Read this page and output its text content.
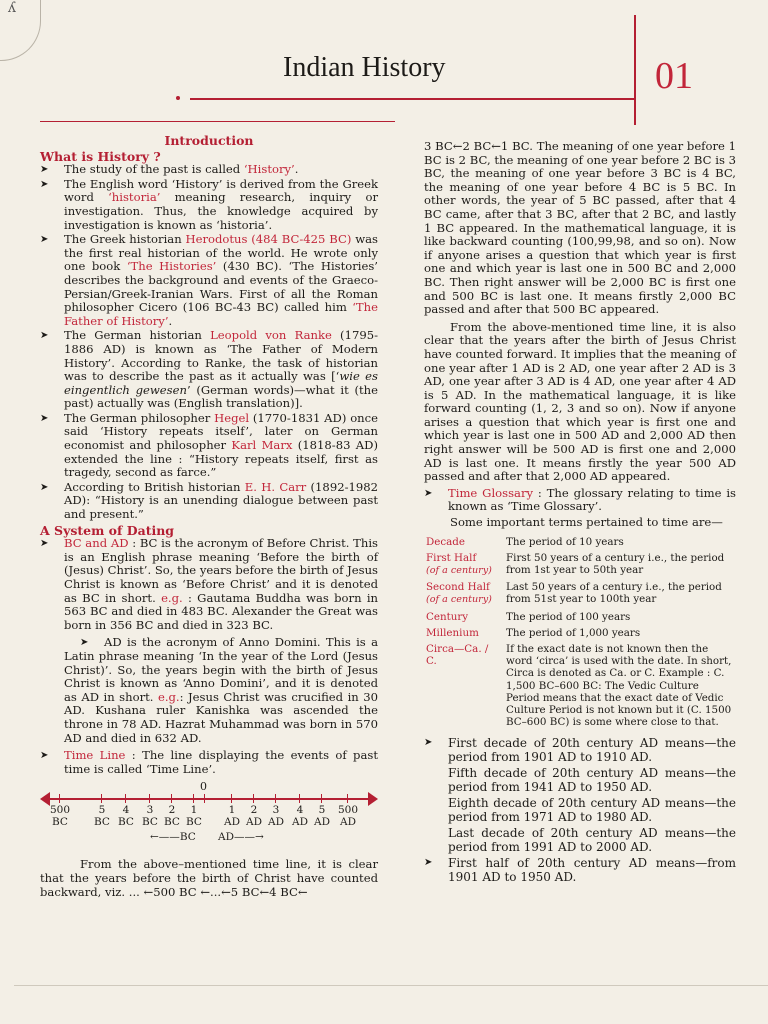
ʎ
Indian History	01
Introduction
What is History ?

➤ The study of the past is called ‘History’.

➤ The English word ‘History’ is derived from the Greek word ‘historia’ meaning research, inquiry or investigation. Thus, the knowledge acquired by investigation is known as ‘historia’.

➤ The Greek historian Herodotus (484 BC-425 BC) was the first real historian of the world. He wrote only one book ‘The Histories’ (430 BC). ‘The Histories’ describes the background and events of the Graeco-Persian/Greek-Iranian Wars. First of all the Roman philosopher Cicero (106 BC-43 BC) called him ‘The Father of History’.

➤ The German historian Leopold von Ranke (1795-1886 AD) is known as ‘The Father of Modern History’. According to Ranke, the task of historian was to describe the past as it actually was [‘wie es eingentlich gewesen’ (German words)—what it (the past) actually was (English translation)].

➤ The German philosopher Hegel (1770-1831 AD) once said ‘History repeats itself’, later on German economist and philosopher Karl Marx (1818-83 AD) extended the line : “History repeats itself, first as tragedy, second as farce.”

➤ According to British historian E. H. Carr (1892-1982 AD): “History is an unending dialogue between past and present.”

A System of Dating

➤ BC and AD : BC is the acronym of Before Christ. This is an English phrase meaning ‘Before the birth of (Jesus) Christ’. So, the years before the birth of Jesus Christ is known as ‘Before Christ’ and it is denoted as BC in short. e.g. : Gautama Buddha was born in 563 BC and died in 483 BC. Alexander the Great was born in 356 BC and died in 323 BC.

➤ AD is the acronym of Anno Domini. This is a Latin phrase meaning ‘In the year of the Lord (Jesus Christ)’. So, the years begin with the birth of Jesus Christ is known as ‘Anno Domini’, and it is denoted as AD in short. e.g.: Jesus Christ was crucified in 30 AD. Kushana ruler Kanishka was ascended the throne in 78 AD. Hazrat Muhammad was born in 570 AD and died in 632 AD.

➤ Time Line : The line displaying the events of past time is called ‘Time Line’.

0
500
BC
5
BC
4
BC
3
BC
2
BC
1
BC
1
AD
2
AD
3
AD
4
AD
5
AD
500
AD
←——BC AD——→

From the above–mentioned time line, it is clear that the years before the birth of Christ have counted backward, viz. ... ←500 BC ←...←5 BC←4 BC←

3 BC←2 BC←1 BC. The meaning of one year before 1 BC is 2 BC, the meaning of one year before 2 BC is 3 BC, the meaning of one year before 3 BC is 4 BC, the meaning of one year before 4 BC is 5 BC. In other words, the year of 5 BC passed, after that 4 BC came, after that 3 BC, after that 2 BC, and lastly 1 BC appeared. In the mathematical language, it is like backward counting (100,99,98, and so on). Now if anyone arises a question that which year is first one and which year is last one in 500 BC and 2,000 BC. Then right answer will be 2,000 BC is first one and 500 BC is last one. It means firstly 2,000 BC passed and after that 500 BC appeared.

From the above-mentioned time line, it is also clear that the years after the birth of Jesus Christ have counted forward. It implies that the meaning of one year after 1 AD is 2 AD, one year after 2 AD is 3 AD, one year after 3 AD is 4 AD, one year after 4 AD is 5 AD. In the mathematical language, it is like forward counting (1, 2, 3 and so on). Now if anyone arises a question that which year is first one and which year is last one in 500 AD and 2,000 AD then right answer will be 500 AD is first one and 2,000 AD is last one. It means firstly the year 500 AD passed and after that 2,000 AD appeared.

➤ Time Glossary : The glossary relating to time is known as ‘Time Glossary’.

Some important terms pertained to time are—

Decade	The period of 10 years
First Half
(of a century)	First 50 years of a century i.e., the period from 1st year to 50th year
Second Half
(of a century)	Last 50 years of a century i.e., the period from 51st year to 100th year
Century	The period of 100 years
Millenium	The period of 1,000 years
Circa—Ca. / C.	If the exact date is not known then the word ‘circa’ is used with the date. In short, Circa is denoted as Ca. or C. Example : C. 1,500 BC–600 BC: The Vedic Culture Period means that the exact date of Vedic Culture Period is not known but it (C. 1500 BC–600 BC) is some where close to that.

➤ First decade of 20th century AD means—the period from 1901 AD to 1910 AD.

Fifth decade of 20th century AD means—the period from 1941 AD to 1950 AD.

Eighth decade of 20th century AD means—the period from 1971 AD to 1980 AD.

Last decade of 20th century AD means—the period from 1991 AD to 2000 AD.

➤ First half of 20th century AD means—from 1901 AD to 1950 AD.
